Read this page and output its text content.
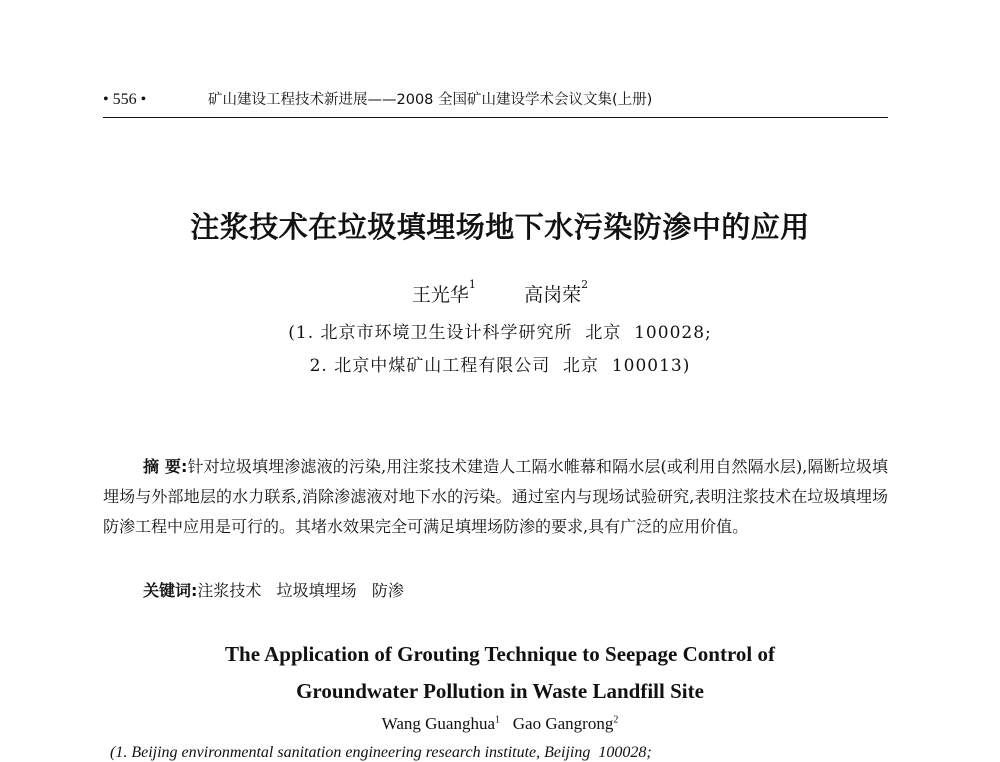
• 556 •	矿山建设工程技术新进展——2008 全国矿山建设学术会议文集(上册)
注浆技术在垃圾填埋场地下水污染防渗中的应用
王光华$^1$	高岗荣$^2$
(1. 北京市环境卫生设计科学研究所  北京  100028;
2. 北京中煤矿山工程有限公司  北京  100013)
摘 要:针对垃圾填埋渗滤液的污染,用注浆技术建造人工隔水帷幕和隔水层(或利用自然隔水层),隔断垃圾填埋场与外部地层的水力联系,消除渗滤液对地下水的污染。通过室内与现场试验研究,表明注浆技术在垃圾填埋场防渗工程中应用是可行的。其堵水效果完全可满足填埋场防渗的要求,具有广泛的应用价值。
关键词:注浆技术   垃圾填埋场   防渗
The Application of Grouting Technique to Seepage Control of
Groundwater Pollution in Waste Landfill Site
Wang Guanghua$^1$ Gao Gangrong$^2$
(1. Beijing environmental sanitation engineering research institute, Beijing  100028;
